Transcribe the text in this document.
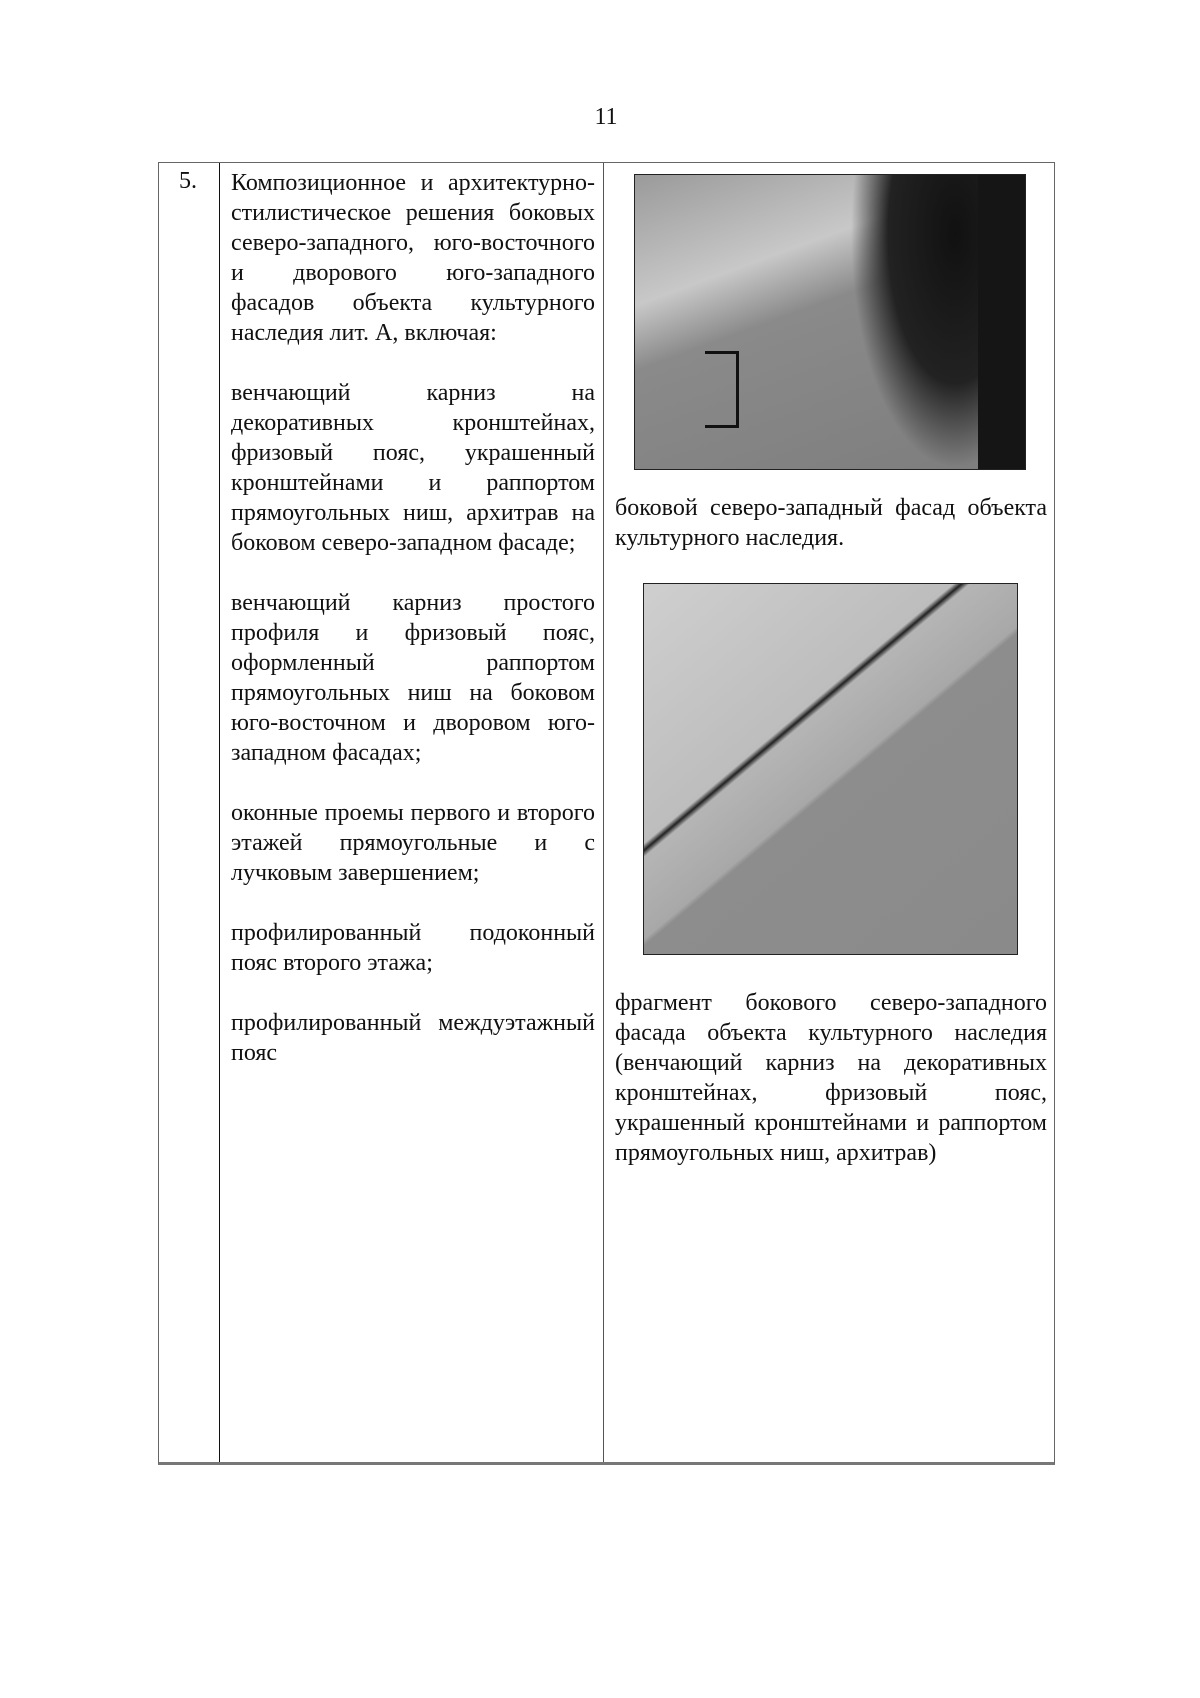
11
5. Композиционное и архитектурно-стилистическое решения боковых северо-западного, юго-восточного и дворового юго-западного фасадов объекта культурного наследия лит. А, включая:

венчающий карниз на декоративных кронштейнах, фризовый пояс, украшенный кронштейнами и раппортом прямоугольных ниш, архитрав на боковом северо-западном фасаде;

венчающий карниз простого профиля и фризовый пояс, оформленный раппортом прямоугольных ниш на боковом юго-восточном и дворовом юго-западном фасадах;

оконные проемы первого и второго этажей прямоугольные и с лучковым завершением;

профилированный подоконный пояс второго этажа;

профилированный междуэтажный пояс

боковой северо-западный фасад объекта культурного наследия.

фрагмент бокового северо-западного фасада объекта культурного наследия (венчающий карниз на декоративных кронштейнах, фризовый пояс, украшенный кронштейнами и раппортом прямоугольных ниш, архитрав)
